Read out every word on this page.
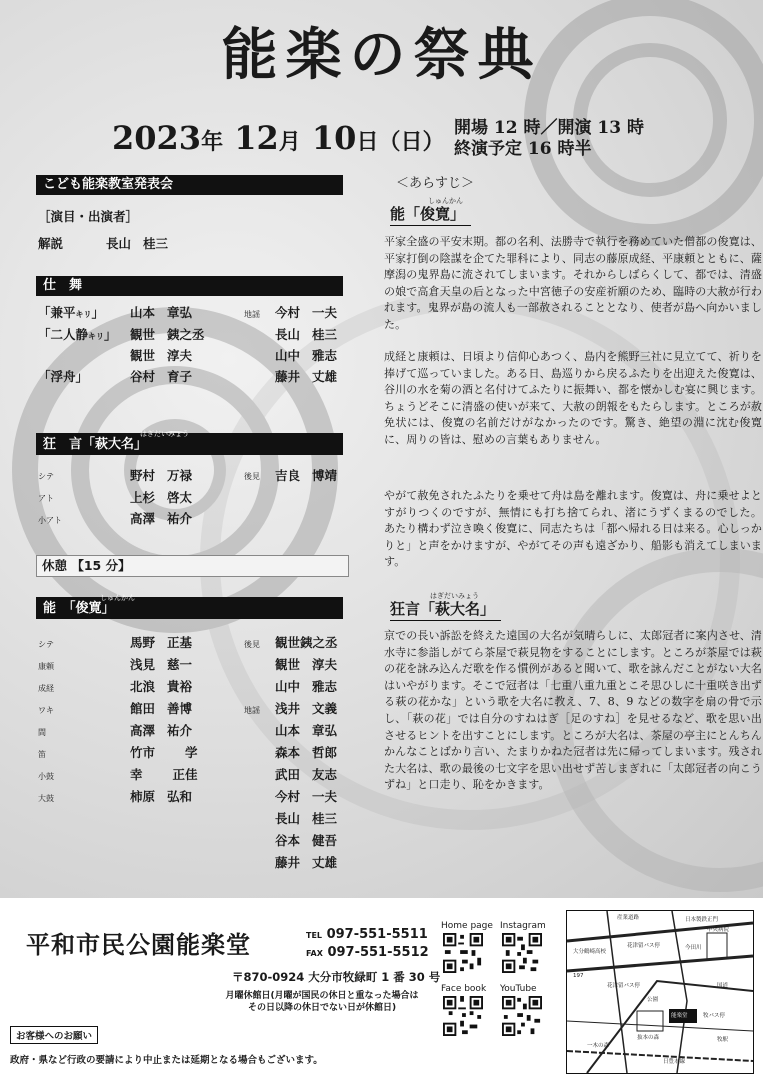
能楽の祭典
2023年 12月 10日（日）
開場 12 時／開演 13 時
終演予定 16 時半
こども能楽教室発表会
［演目・出演者］
解説	長山 桂三
仕　舞
「兼平キリ」 山本 章弘
「二人静キリ」 観世 銕之丞
観世 淳夫
「浮舟」	谷村 育子
地謡 今村 一夫
長山 桂三
山中 雅志
藤井 丈雄
はぎだいみょう
狂　言「萩大名」
シテ	野村 万禄
アト	上杉 啓太
小アト	高澤 祐介
後見 吉良 博靖
休憩 【15 分】
しゅんかん
能　「俊寛」
シテ	馬野 正基
康頼	浅見 慈一
成経	北浪 貴裕
ワキ	館田 善博
間	高澤 祐介
笛	竹市 学
小鼓	幸 正佳
大鼓	柿原 弘和
後見 観世銕之丞
観世 淳夫
山中 雅志
地謡 浅井 文義
山本 章弘
森本 哲郎
武田 友志
今村 一夫
長山 桂三
谷本 健吾
藤井 丈雄
＜あらすじ＞
しゅんかん
能「俊寛」
平家全盛の平安末期。都の名利、法勝寺で執行を務めていた僧都の俊寛は、平家打倒の陰謀を企てた罪科により、同志の藤原成経、平康頼とともに、薩摩潟の鬼界島に流されてしまいます。それからしばらくして、都では、清盛の娘で高倉天皇の后となった中宮徳子の安産祈願のため、臨時の大赦が行われます。鬼界が島の流人も一部赦されることとなり、使者が島へ向かいました。
成経と康頼は、日頃より信仰心あつく、島内を熊野三社に見立てて、祈りを捧げて巡っていました。ある日、島巡りから戻るふたりを出迎えた俊寛は、谷川の水を菊の酒と名付けてふたりに振舞い、都を懐かしむ宴に興じます。ちょうどそこに清盛の使いが来て、大赦の朗報をもたらします。ところが赦免状には、俊寛の名前だけがなかったのです。驚き、絶望の淵に沈む俊寛に、周りの皆は、慰めの言葉もありません。
やがて赦免されたふたりを乗せて舟は島を離れます。俊寛は、舟に乗せよとすがりつくのですが、無情にも打ち捨てられ、渚にうずくまるのでした。あたり構わず泣き喚く俊寛に、同志たちは「都へ帰れる日は来る。心しっかりと」と声をかけますが、やがてその声も遠ざかり、船影も消えてしまいます。
はぎだいみょう
狂言「萩大名」
京での長い訴訟を終えた遠国の大名が気晴らしに、太郎冠者に案内させ、清水寺に参詣しがてら茶屋で萩見物をすることにします。ところが茶屋では萩の花を詠み込んだ歌を作る慣例があると聞いて、歌を詠んだことがない大名はいやがります。そこで冠者は「七重八重九重とこそ思ひしに十重咲き出ずる萩の花かな」という歌を大名に教え、7、8、9 などの数字を扇の骨で示し、「萩の花」では自分のすねはぎ［足のすね］を見せるなど、歌を思い出させるヒントを出すことにします。ところが大名は、茶屋の亭主にとんちんかんなことばかり言い、たまりかねた冠者は先に帰ってしまいます。残された大名は、歌の最後の七文字を思い出せず苦しまぎれに「太郎冠者の向こうずね」と口走り、恥をかきます。
平和市民公園能楽堂	TEL 097-551-5511
FAX 097-551-5512
〒870-0924 大分市牧緑町 1 番 30 号
月曜休館日(月曜が国民の休日と重なった場合は
その日以降の休日でない日が休館日)
お客様へのお願い
政府・県など行政の要請により中止または延期となる場合もございます。
Home page Instagram
Face book YouTube
産業道路	日本製鉄正門
大分鶴崎高校
花津留バス停
中央病院
今田川
公園
197
能楽堂
花津留バス停
牧バス停
抜本の森	牧駅
一木の森
国道
日豊本線
